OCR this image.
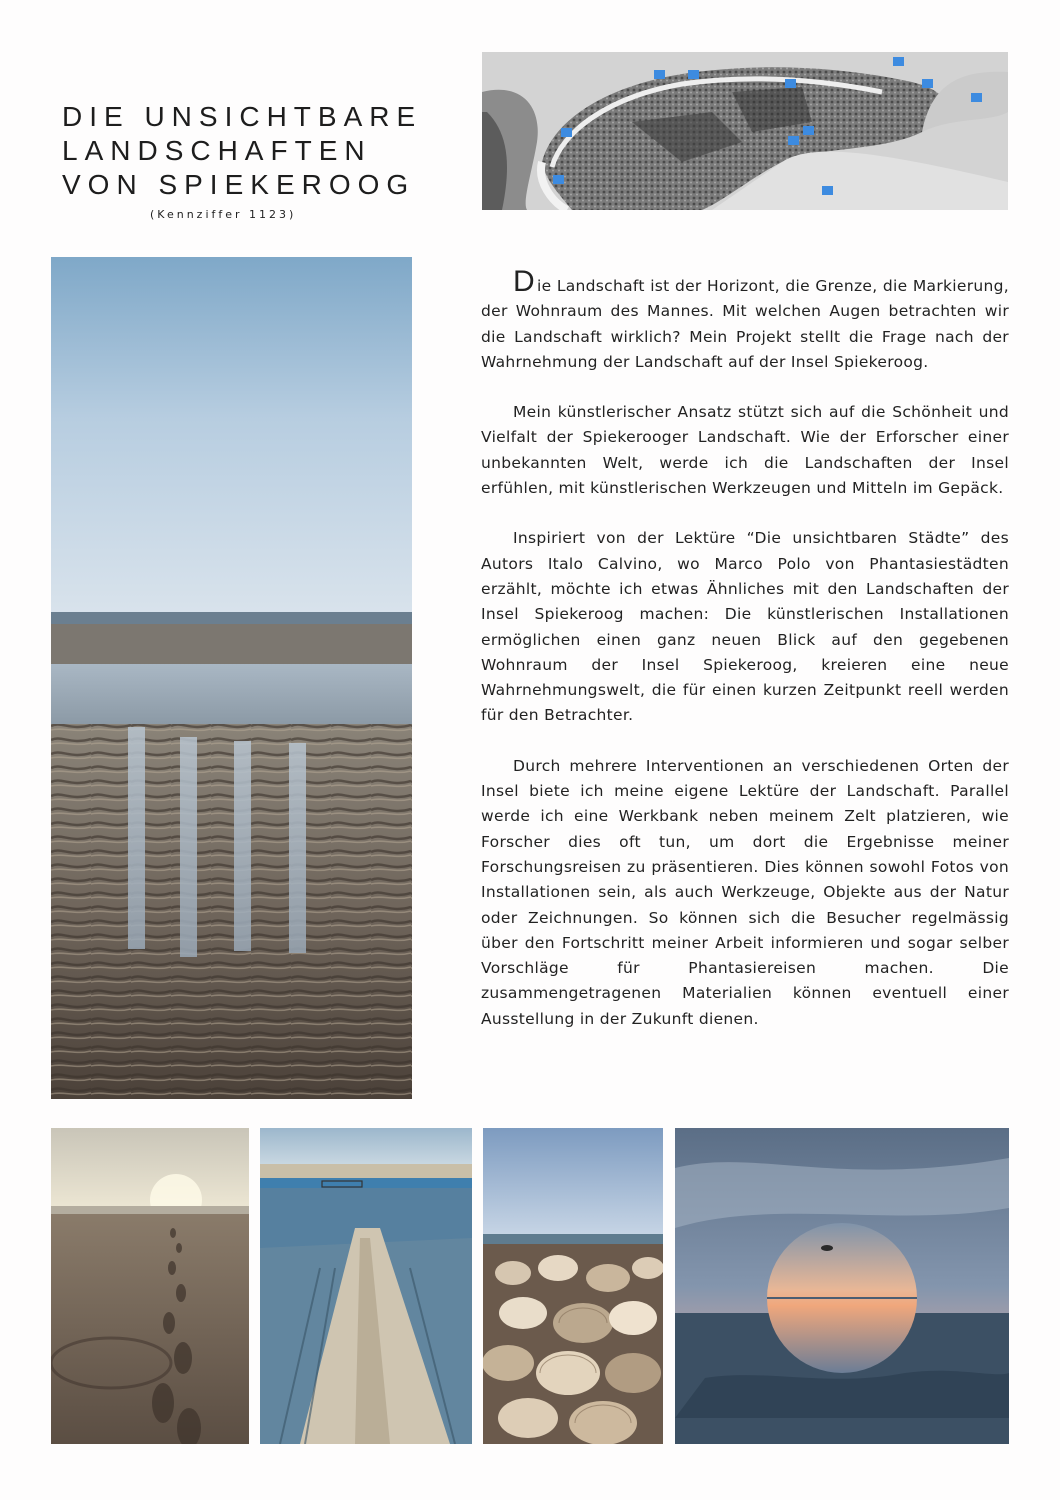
DIE UNSICHTBARE
LANDSCHAFTEN
VON SPIEKEROOG
(Kennziffer 1123)

Die Landschaft ist der Horizont, die Grenze, die Markierung, der Wohnraum des Mannes. Mit welchen Augen betrachten wir die Landschaft wirklich? Mein Projekt stellt die Frage nach der Wahrnehmung der Landschaft auf der Insel Spiekeroog.

Mein künstlerischer Ansatz stützt sich auf die Schönheit und Vielfalt der Spiekerooger Landschaft. Wie der Erforscher einer unbekannten Welt, werde ich die Landschaften der Insel erfühlen, mit künstlerischen Werkzeugen und Mitteln im Gepäck.

Inspiriert von der Lektüre “Die unsichtbaren Städte” des Autors Italo Calvino, wo Marco Polo von Phantasiestädten erzählt, möchte ich etwas Ähnliches mit den Landschaften der Insel Spiekeroog machen: Die künstlerischen Installationen ermöglichen einen ganz neuen Blick auf den gegebenen Wohnraum der Insel Spiekeroog, kreieren eine neue Wahrnehmungswelt, die für einen kurzen Zeitpunkt reell werden für den Betrachter.

Durch mehrere Interventionen an verschiedenen Orten der Insel biete ich meine eigene Lektüre der Landschaft. Parallel werde ich eine Werkbank neben meinem Zelt platzieren, wie Forscher dies oft tun, um dort die Ergebnisse meiner Forschungsreisen zu präsentieren. Dies können sowohl Fotos von Installationen sein, als auch Werkzeuge, Objekte aus der Natur oder Zeichnungen. So können sich die Besucher regelmässig über den Fortschritt meiner Arbeit informieren und sogar selber Vorschläge für Phantasiereisen machen. Die zusammengetragenen Materialien können eventuell einer Ausstellung in der Zukunft dienen.
